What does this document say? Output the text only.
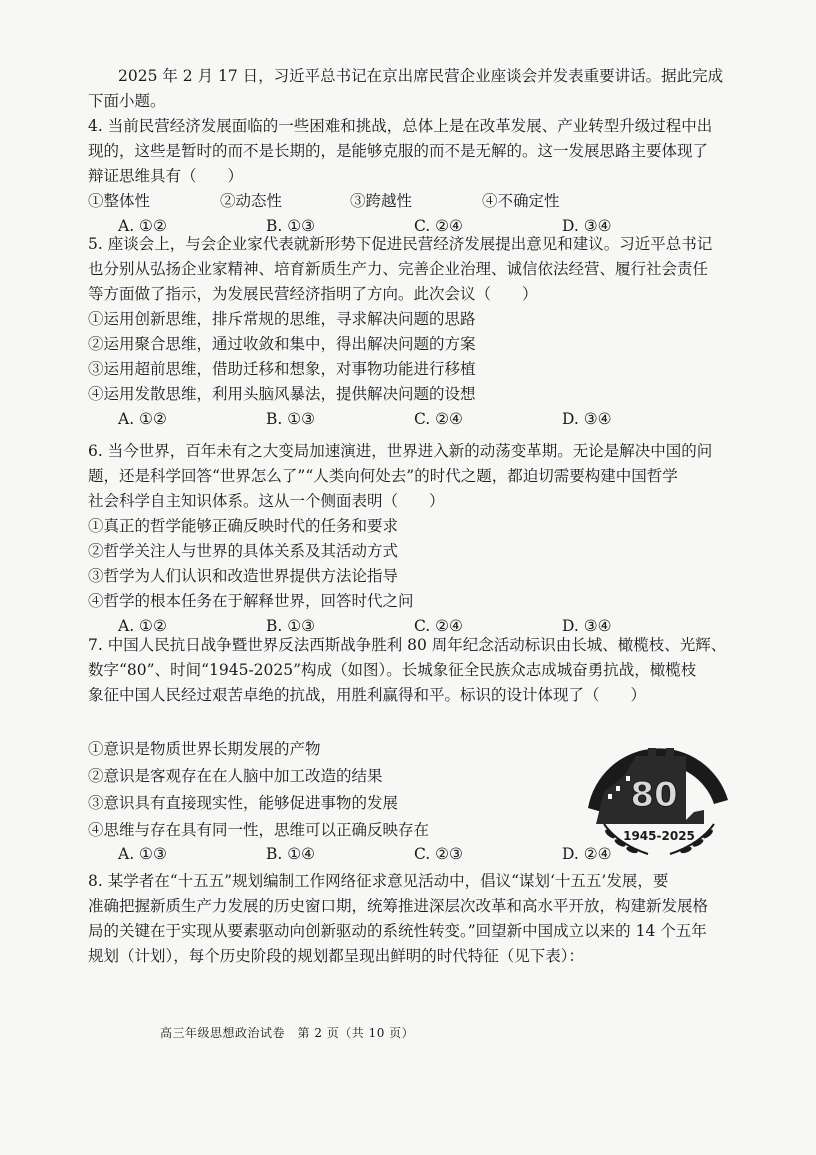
2025 年 2 月 17 日，习近平总书记在京出席民营企业座谈会并发表重要讲话。据此完成
下面小题。
4. 当前民营经济发展面临的一些困难和挑战，总体上是在改革发展、产业转型升级过程中出
现的，这些是暂时的而不是长期的，是能够克服的而不是无解的。这一发展思路主要体现了
辩证思维具有（　　）
①整体性	②动态性	③跨越性	④不确定性
A. ①②	B. ①③	C. ②④	D. ③④
5. 座谈会上，与会企业家代表就新形势下促进民营经济发展提出意见和建议。习近平总书记
也分别从弘扬企业家精神、培育新质生产力、完善企业治理、诚信依法经营、履行社会责任
等方面做了指示，为发展民营经济指明了方向。此次会议（　　）
①运用创新思维，排斥常规的思维，寻求解决问题的思路
②运用聚合思维，通过收敛和集中，得出解决问题的方案
③运用超前思维，借助迁移和想象，对事物功能进行移植
④运用发散思维，利用头脑风暴法，提供解决问题的设想
A. ①②	B. ①③	C. ②④	D. ③④
6. 当今世界，百年未有之大变局加速演进，世界进入新的动荡变革期。无论是解决中国的问
题，还是科学回答“世界怎么了”“人类向何处去”的时代之题，都迫切需要构建中国哲学
社会科学自主知识体系。这从一个侧面表明（　　）
①真正的哲学能够正确反映时代的任务和要求
②哲学关注人与世界的具体关系及其活动方式
③哲学为人们认识和改造世界提供方法论指导
④哲学的根本任务在于解释世界，回答时代之问
A. ①②	B. ①③	C. ②④	D. ③④
7. 中国人民抗日战争暨世界反法西斯战争胜利 80 周年纪念活动标识由长城、橄榄枝、光辉、
数字“80”、时间“1945-2025”构成（如图）。长城象征全民族众志成城奋勇抗战，橄榄枝
象征中国人民经过艰苦卓绝的抗战，用胜利赢得和平。标识的设计体现了（　　）
①意识是物质世界长期发展的产物
②意识是客观存在在人脑中加工改造的结果
③意识具有直接现实性，能够促进事物的发展
④思维与存在具有同一性，思维可以正确反映存在
A. ①③	B. ①④	C. ②③	D. ②④
80
1945-2025
8. 某学者在“十五五”规划编制工作网络征求意见活动中，倡议“谋划‘十五五’发展，要
准确把握新质生产力发展的历史窗口期，统筹推进深层次改革和高水平开放，构建新发展格
局的关键在于实现从要素驱动向创新驱动的系统性转变。”回望新中国成立以来的 14 个五年
规划（计划），每个历史阶段的规划都呈现出鲜明的时代特征（见下表）：
高三年级思想政治试卷　第 2 页（共 10 页）
